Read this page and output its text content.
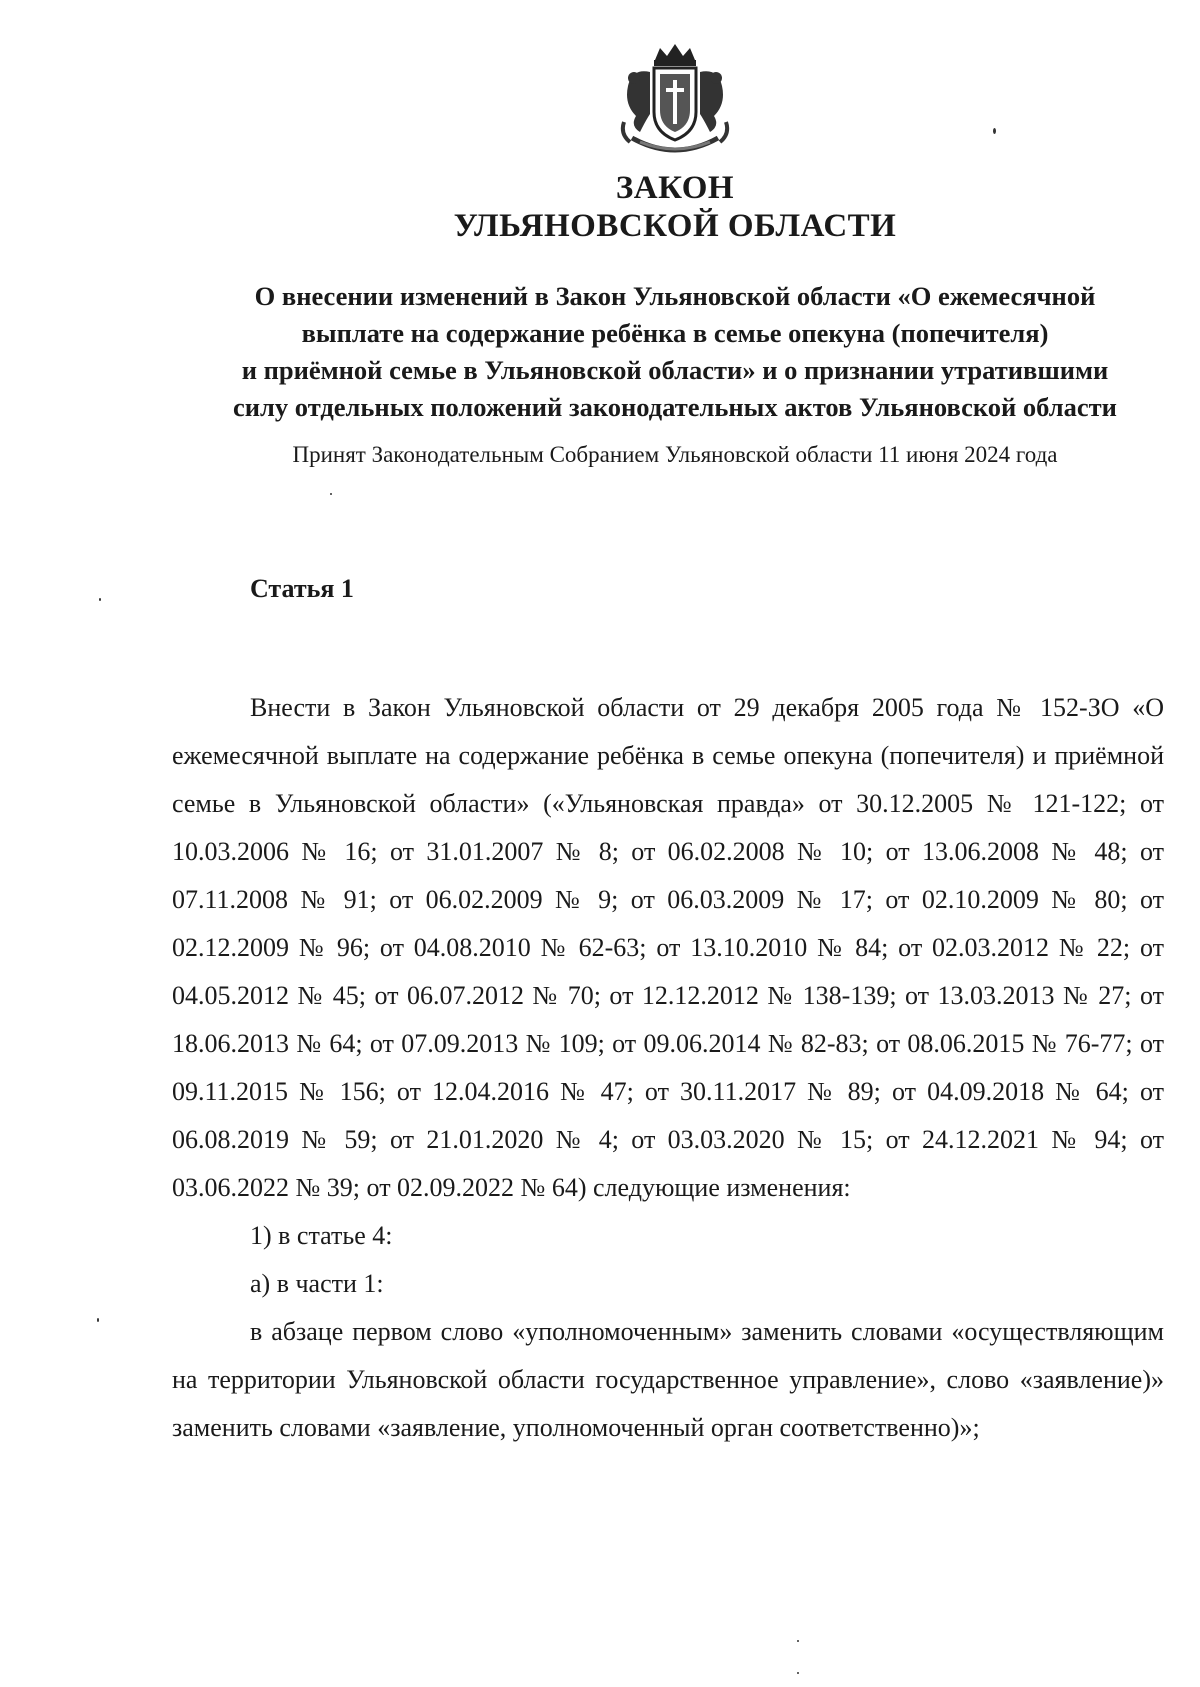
ЗАКОН
УЛЬЯНОВСКОЙ ОБЛАСТИ
О внесении изменений в Закон Ульяновской области «О ежемесячной
выплате на содержание ребёнка в семье опекуна (попечителя)
и приёмной семье в Ульяновской области» и о признании утратившими
силу отдельных положений законодательных актов Ульяновской области
Принят Законодательным Собранием Ульяновской области 11 июня 2024 года
Статья 1

Внести в Закон Ульяновской области от 29 декабря 2005 года № 152-ЗО «О ежемесячной выплате на содержание ребёнка в семье опекуна (попечителя) и приёмной семье в Ульяновской области» («Ульяновская правда» от 30.12.2005 № 121-122; от 10.03.2006 № 16; от 31.01.2007 № 8; от 06.02.2008 № 10; от 13.06.2008 № 48; от 07.11.2008 № 91; от 06.02.2009 № 9; от 06.03.2009 № 17; от 02.10.2009 № 80; от 02.12.2009 № 96; от 04.08.2010 № 62-63; от 13.10.2010 № 84; от 02.03.2012 № 22; от 04.05.2012 № 45; от 06.07.2012 № 70; от 12.12.2012 № 138-139; от 13.03.2013 № 27; от 18.06.2013 № 64; от 07.09.2013 № 109; от 09.06.2014 № 82-83; от 08.06.2015 № 76-77; от 09.11.2015 № 156; от 12.04.2016 № 47; от 30.11.2017 № 89; от 04.09.2018 № 64; от 06.08.2019 № 59; от 21.01.2020 № 4; от 03.03.2020 № 15; от 24.12.2021 № 94; от 03.06.2022 № 39; от 02.09.2022 № 64) следующие изменения:

1) в статье 4:

а) в части 1:

в абзаце первом слово «уполномоченным» заменить словами «осуществляющим на территории Ульяновской области государственное управление», слово «заявление)» заменить словами «заявление, уполномоченный орган соответственно)»;
